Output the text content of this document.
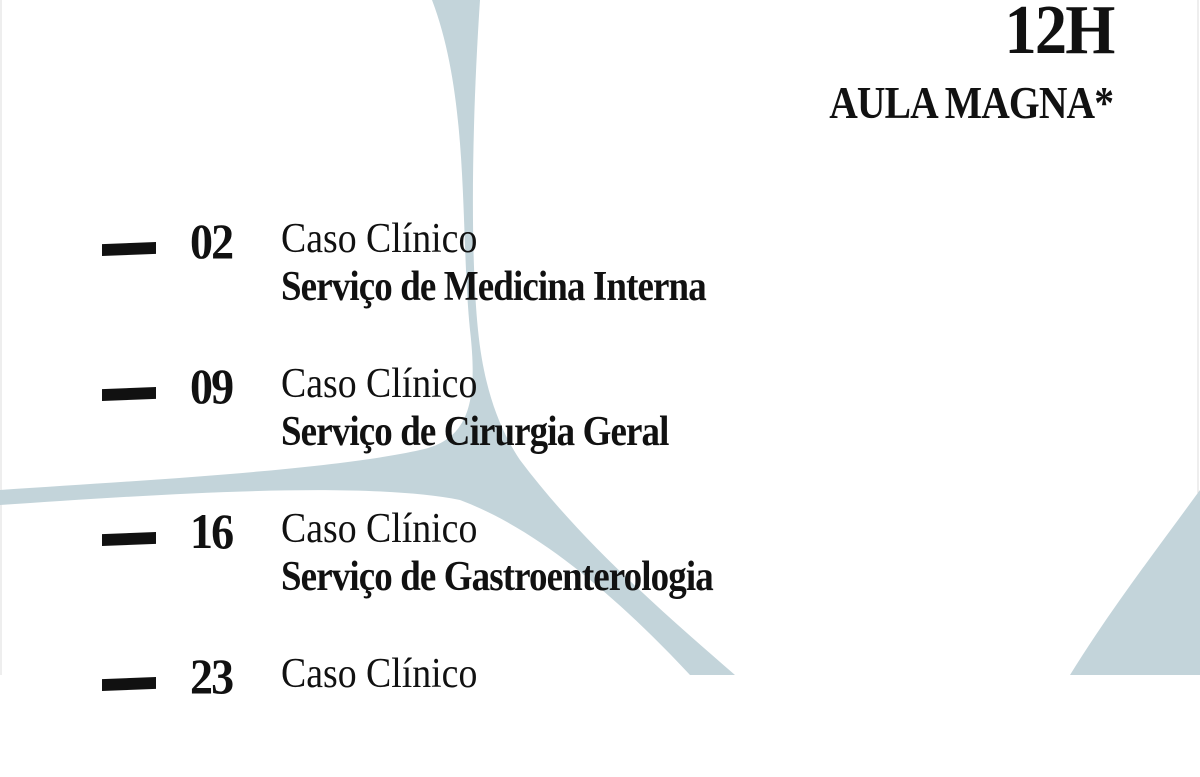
12H
AULA MAGNA*
02 Caso Clínico
Serviço de Medicina Interna
09 Caso Clínico
Serviço de Cirurgia Geral
16 Caso Clínico
Serviço de Gastroenterologia
23 Caso Clínico
